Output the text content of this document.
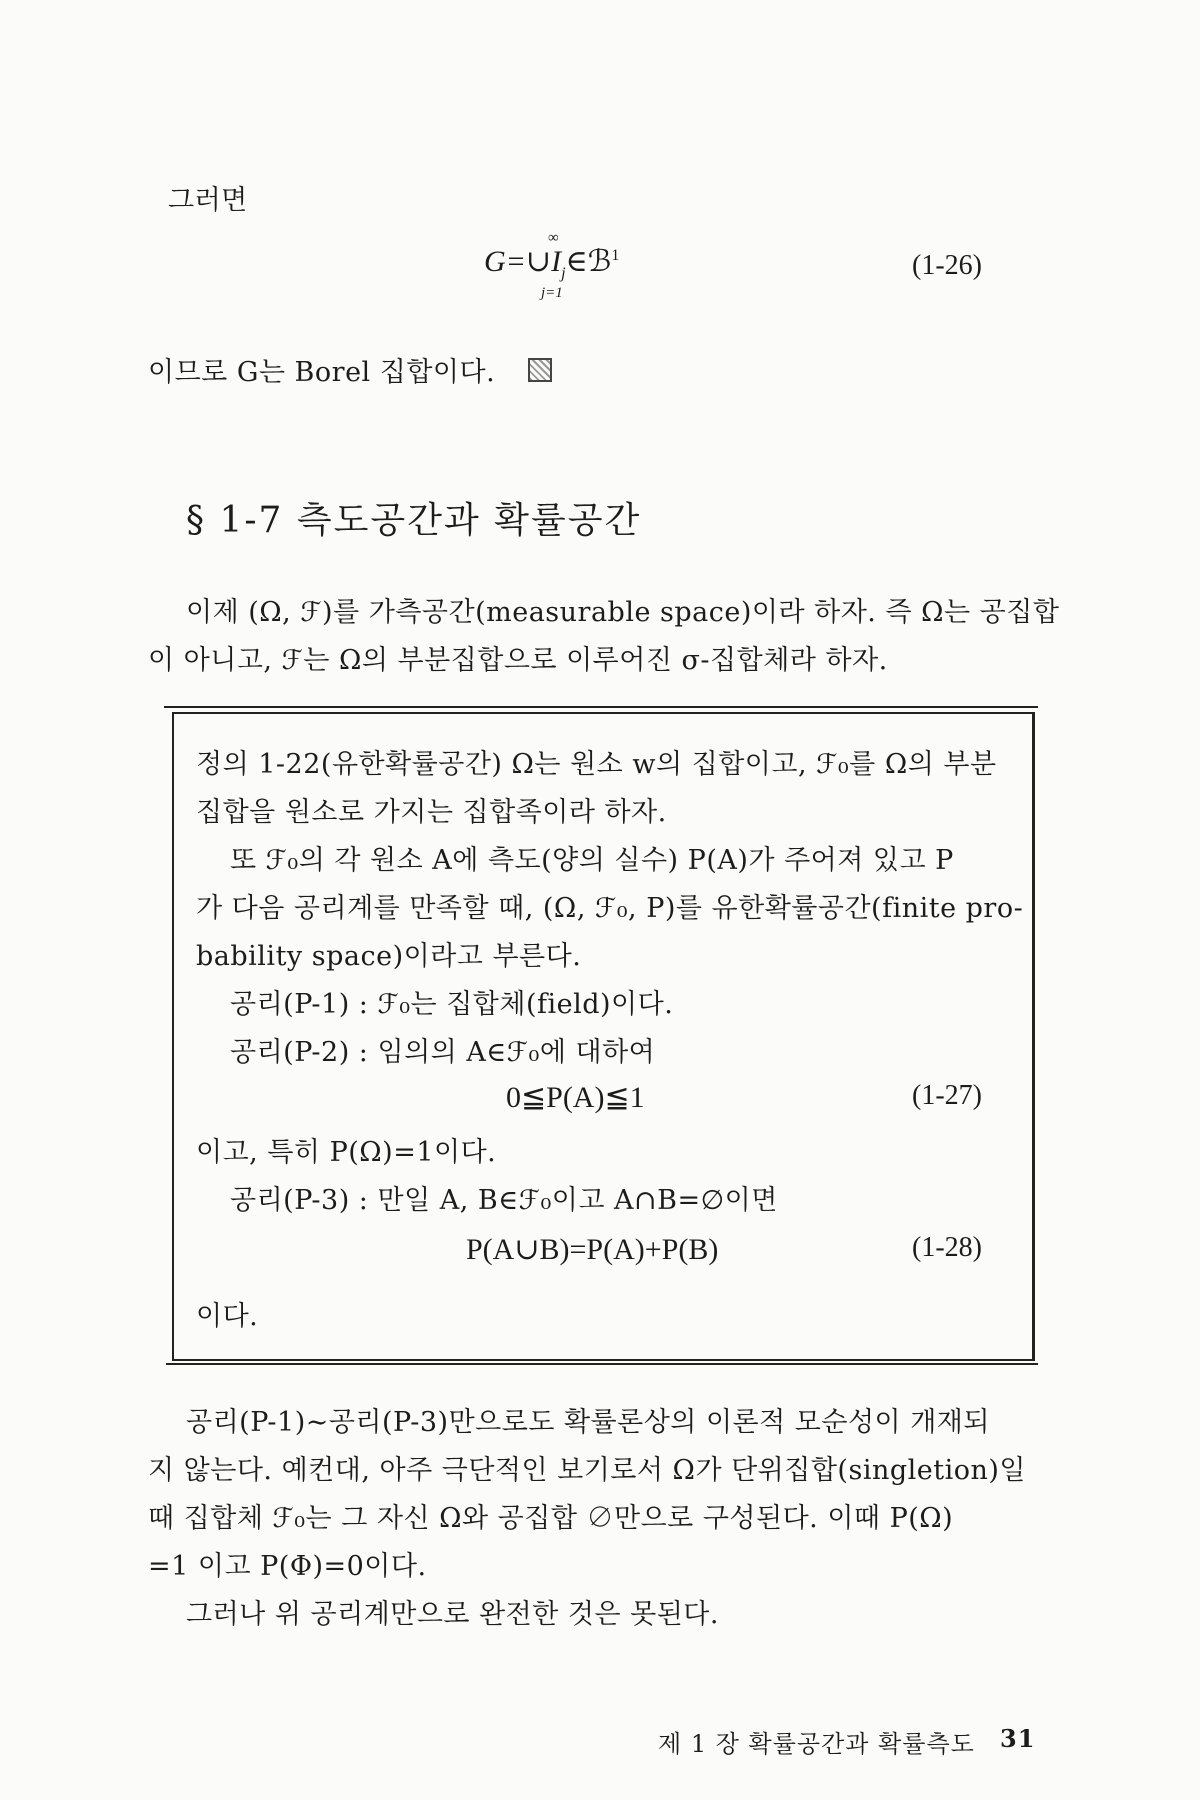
그러면
$G=\cup I_j\in ℬ^1$
∞
j=1
(1-26)
이므로 G는 Borel 집합이다.
§ 1-7 측도공간과 확률공간
이제 (Ω, ℱ)를 가측공간(measurable space)이라 하자. 즉 Ω는 공집합
이 아니고, ℱ는 Ω의 부분집합으로 이루어진 σ-집합체라 하자.
정의 1-22(유한확률공간) Ω는 원소 w의 집합이고, ℱ₀를 Ω의 부분
집합을 원소로 가지는 집합족이라 하자.
또 ℱ₀의 각 원소 A에 측도(양의 실수) P(A)가 주어져 있고 P
가 다음 공리계를 만족할 때, (Ω, ℱ₀, P)를 유한확률공간(finite pro-
bability space)이라고 부른다.
공리(P-1) : ℱ₀는 집합체(field)이다.
공리(P-2) : 임의의 A∈ℱ₀에 대하여
0≦P(A)≦1	(1-27)
이고, 특히 P(Ω)=1이다.
공리(P-3) : 만일 A, B∈ℱ₀이고 A∩B=∅이면
P(A∪B)=P(A)+P(B)	(1-28)
이다.
공리(P-1)∼공리(P-3)만으로도 확률론상의 이론적 모순성이 개재되
지 않는다. 예컨대, 아주 극단적인 보기로서 Ω가 단위집합(singletion)일
때 집합체 ℱ₀는 그 자신 Ω와 공집합 ∅만으로 구성된다. 이때 P(Ω)
=1 이고 P(Φ)=0이다.
그러나 위 공리계만으로 완전한 것은 못된다.
제 1 장 확률공간과 확률측도 31
